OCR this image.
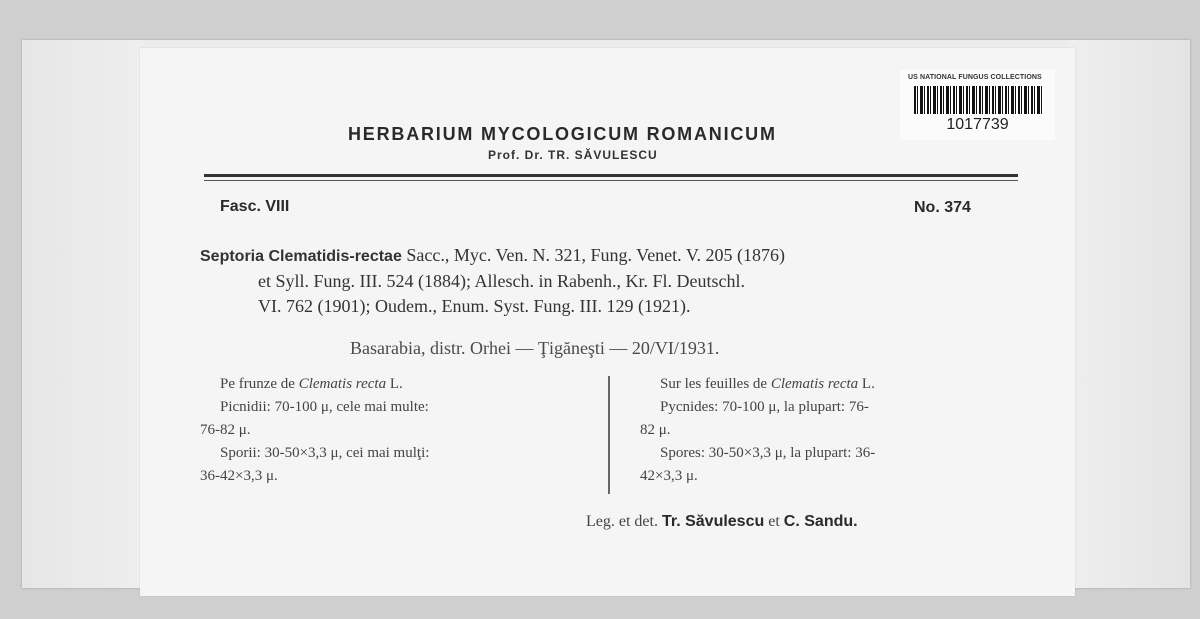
US NATIONAL FUNGUS COLLECTIONS
1017739
HERBARIUM MYCOLOGICUM ROMANICUM
Prof. Dr. TR. SĂVULESCU
Fasc. VIII	No. 374
Septoria Clematidis-rectae Sacc., Myc. Ven. N. 321, Fung. Venet. V. 205 (1876)
et Syll. Fung. III. 524 (1884); Allesch. in Rabenh., Kr. Fl. Deutschl.
VI. 762 (1901); Oudem., Enum. Syst. Fung. III. 129 (1921).
Basarabia, distr. Orhei — Ţigăneşti — 20/VI/1931.
Pe frunze de Clematis recta L.
Picnidii: 70-100 μ, cele mai multe:
76-82 μ.
Sporii: 30-50×3,3 μ, cei mai mulţi:
36-42×3,3 μ.
Sur les feuilles de Clematis recta L.
Pycnides: 70-100 μ, la plupart: 76-
82 μ.
Spores: 30-50×3,3 μ, la plupart: 36-
42×3,3 μ.
Leg. et det. Tr. Săvulescu et C. Sandu.
